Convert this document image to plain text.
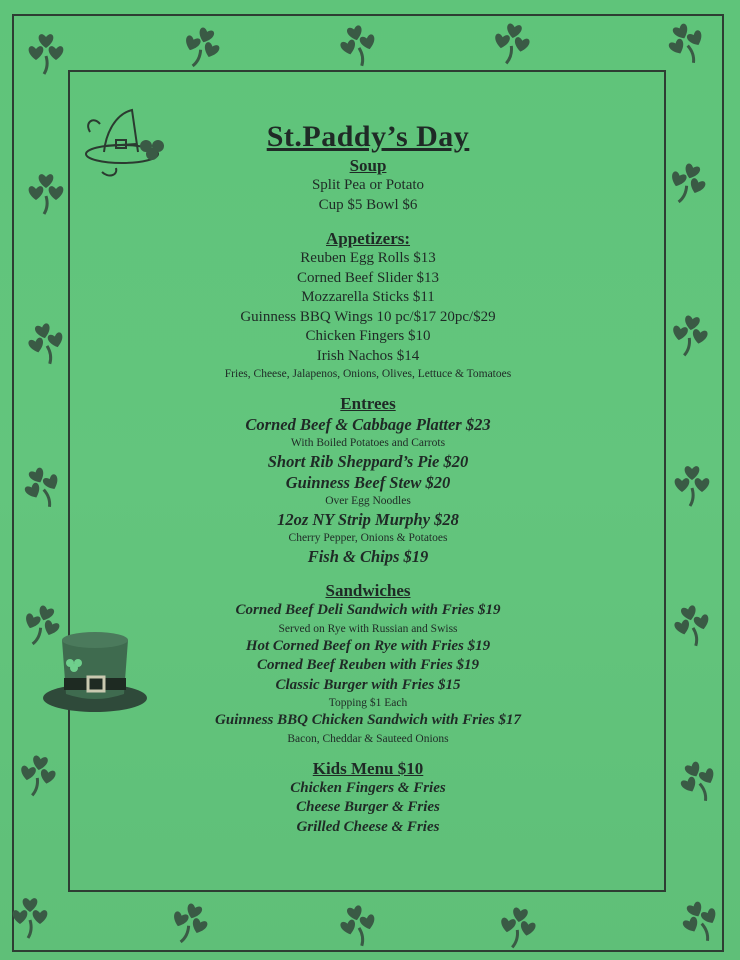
St.Paddy’s Day

Soup

Split Pea or Potato

Cup $5 Bowl $6

Appetizers:

Reuben Egg Rolls $13

Corned Beef Slider $13

Mozzarella Sticks $11

Guinness BBQ Wings 10 pc/$17 20pc/$29

Chicken Fingers $10

Irish Nachos $14

Fries, Cheese, Jalapenos, Onions, Olives, Lettuce & Tomatoes

Entrees

Corned Beef & Cabbage Platter $23

With Boiled Potatoes and Carrots

Short Rib Sheppard’s Pie $20

Guinness Beef Stew $20

Over Egg Noodles

12oz NY Strip Murphy $28

Cherry Pepper, Onions & Potatoes

Fish & Chips $19

Sandwiches

Corned Beef Deli Sandwich with Fries $19

Served on Rye with Russian and Swiss

Hot Corned Beef on Rye with Fries $19

Corned Beef Reuben with Fries $19

Classic Burger with Fries $15

Topping $1 Each

Guinness BBQ Chicken Sandwich with Fries $17

Bacon, Cheddar & Sauteed Onions

Kids Menu $10

Chicken Fingers & Fries

Cheese Burger & Fries

Grilled Cheese & Fries
